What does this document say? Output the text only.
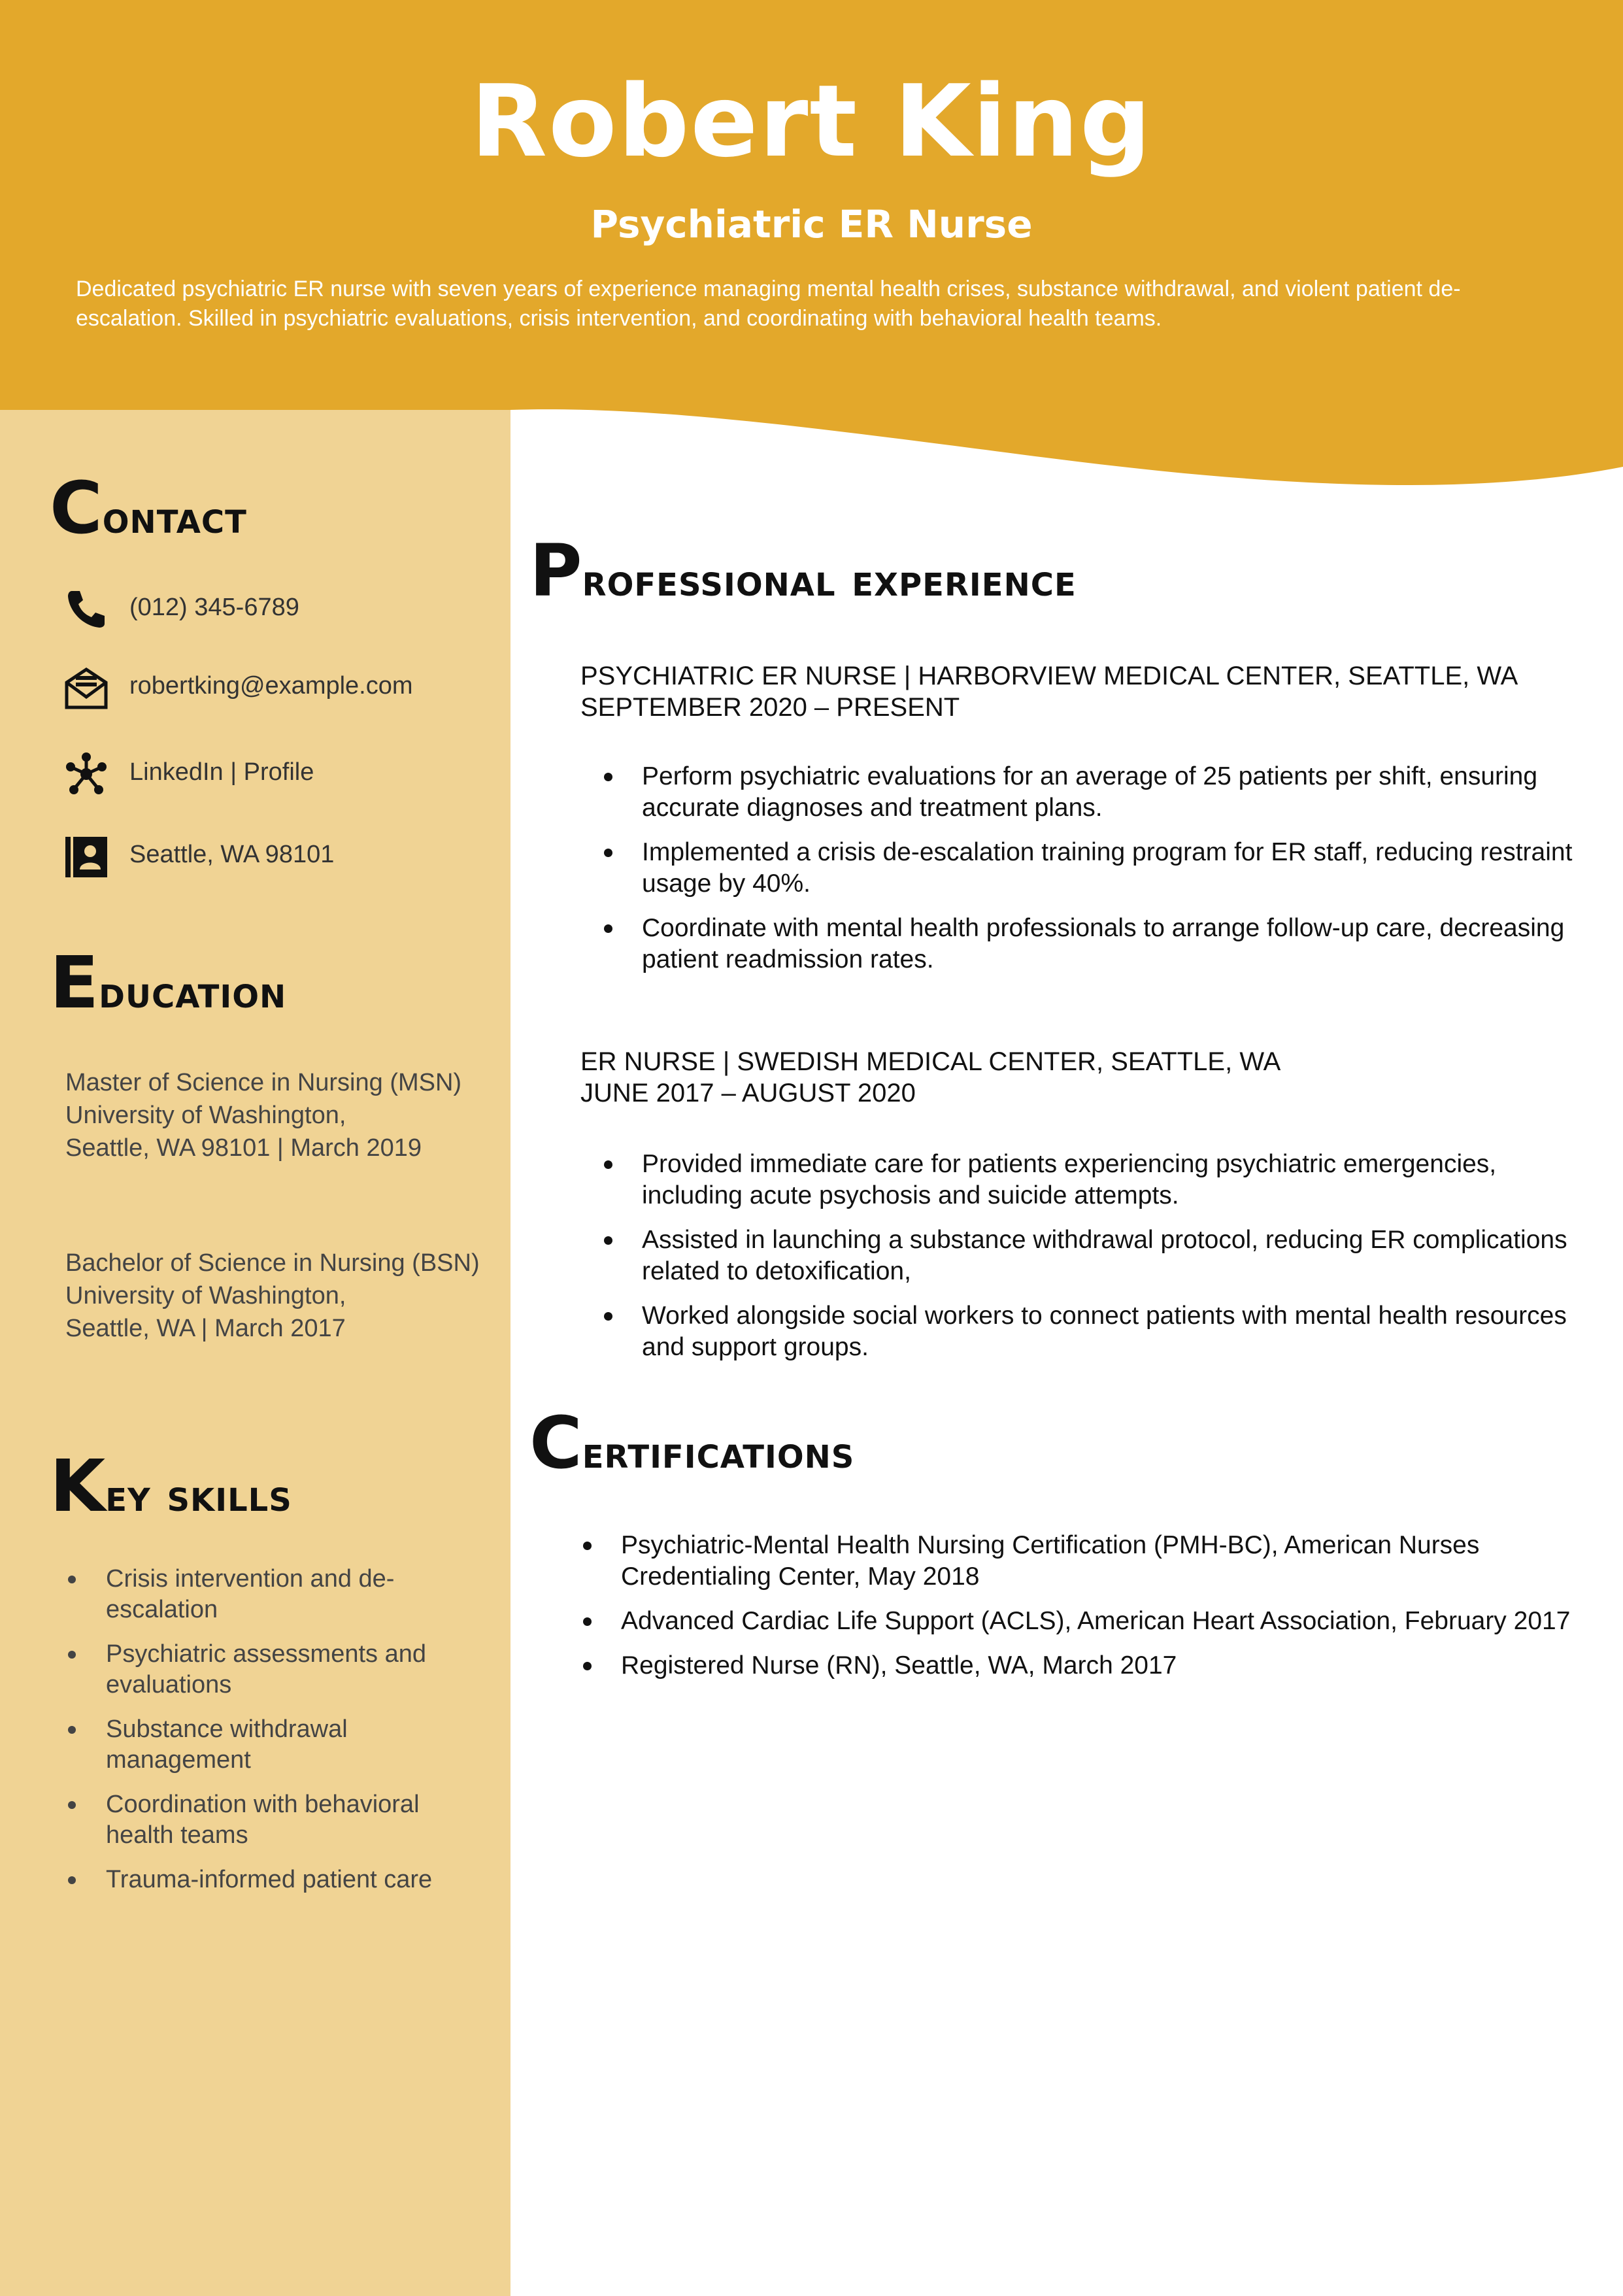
Robert King
Psychiatric ER Nurse
Dedicated psychiatric ER nurse with seven years of experience managing mental health crises, substance withdrawal, and violent patient de-escalation. Skilled in psychiatric evaluations, crisis intervention, and coordinating with behavioral health teams.
Contact
(012) 345-6789
robertking@example.com
LinkedIn | Profile
Seattle, WA 98101
Education
Master of Science in Nursing (MSN)
University of Washington,
Seattle, WA 98101 | March 2019
Bachelor of Science in Nursing (BSN)
University of Washington,
Seattle, WA | March 2017
Key skills
Crisis intervention and de-escalation
Psychiatric assessments and evaluations
Substance withdrawal management
Coordination with behavioral health teams
Trauma-informed patient care
Professional experience
PSYCHIATRIC ER NURSE | HARBORVIEW MEDICAL CENTER, SEATTLE, WA
SEPTEMBER 2020 – PRESENT
Perform psychiatric evaluations for an average of 25 patients per shift, ensuring accurate diagnoses and treatment plans.
Implemented a crisis de-escalation training program for ER staff, reducing restraint usage by 40%.
Coordinate with mental health professionals to arrange follow-up care, decreasing patient readmission rates.
ER NURSE | SWEDISH MEDICAL CENTER, SEATTLE, WA
JUNE 2017 – AUGUST 2020
Provided immediate care for patients experiencing psychiatric emergencies, including acute psychosis and suicide attempts.
Assisted in launching a substance withdrawal protocol, reducing ER complications related to detoxification,
Worked alongside social workers to connect patients with mental health resources and support groups.
Certifications
Psychiatric-Mental Health Nursing Certification (PMH-BC), American Nurses Credentialing Center, May 2018
Advanced Cardiac Life Support (ACLS), American Heart Association, February 2017
Registered Nurse (RN), Seattle, WA, March 2017
